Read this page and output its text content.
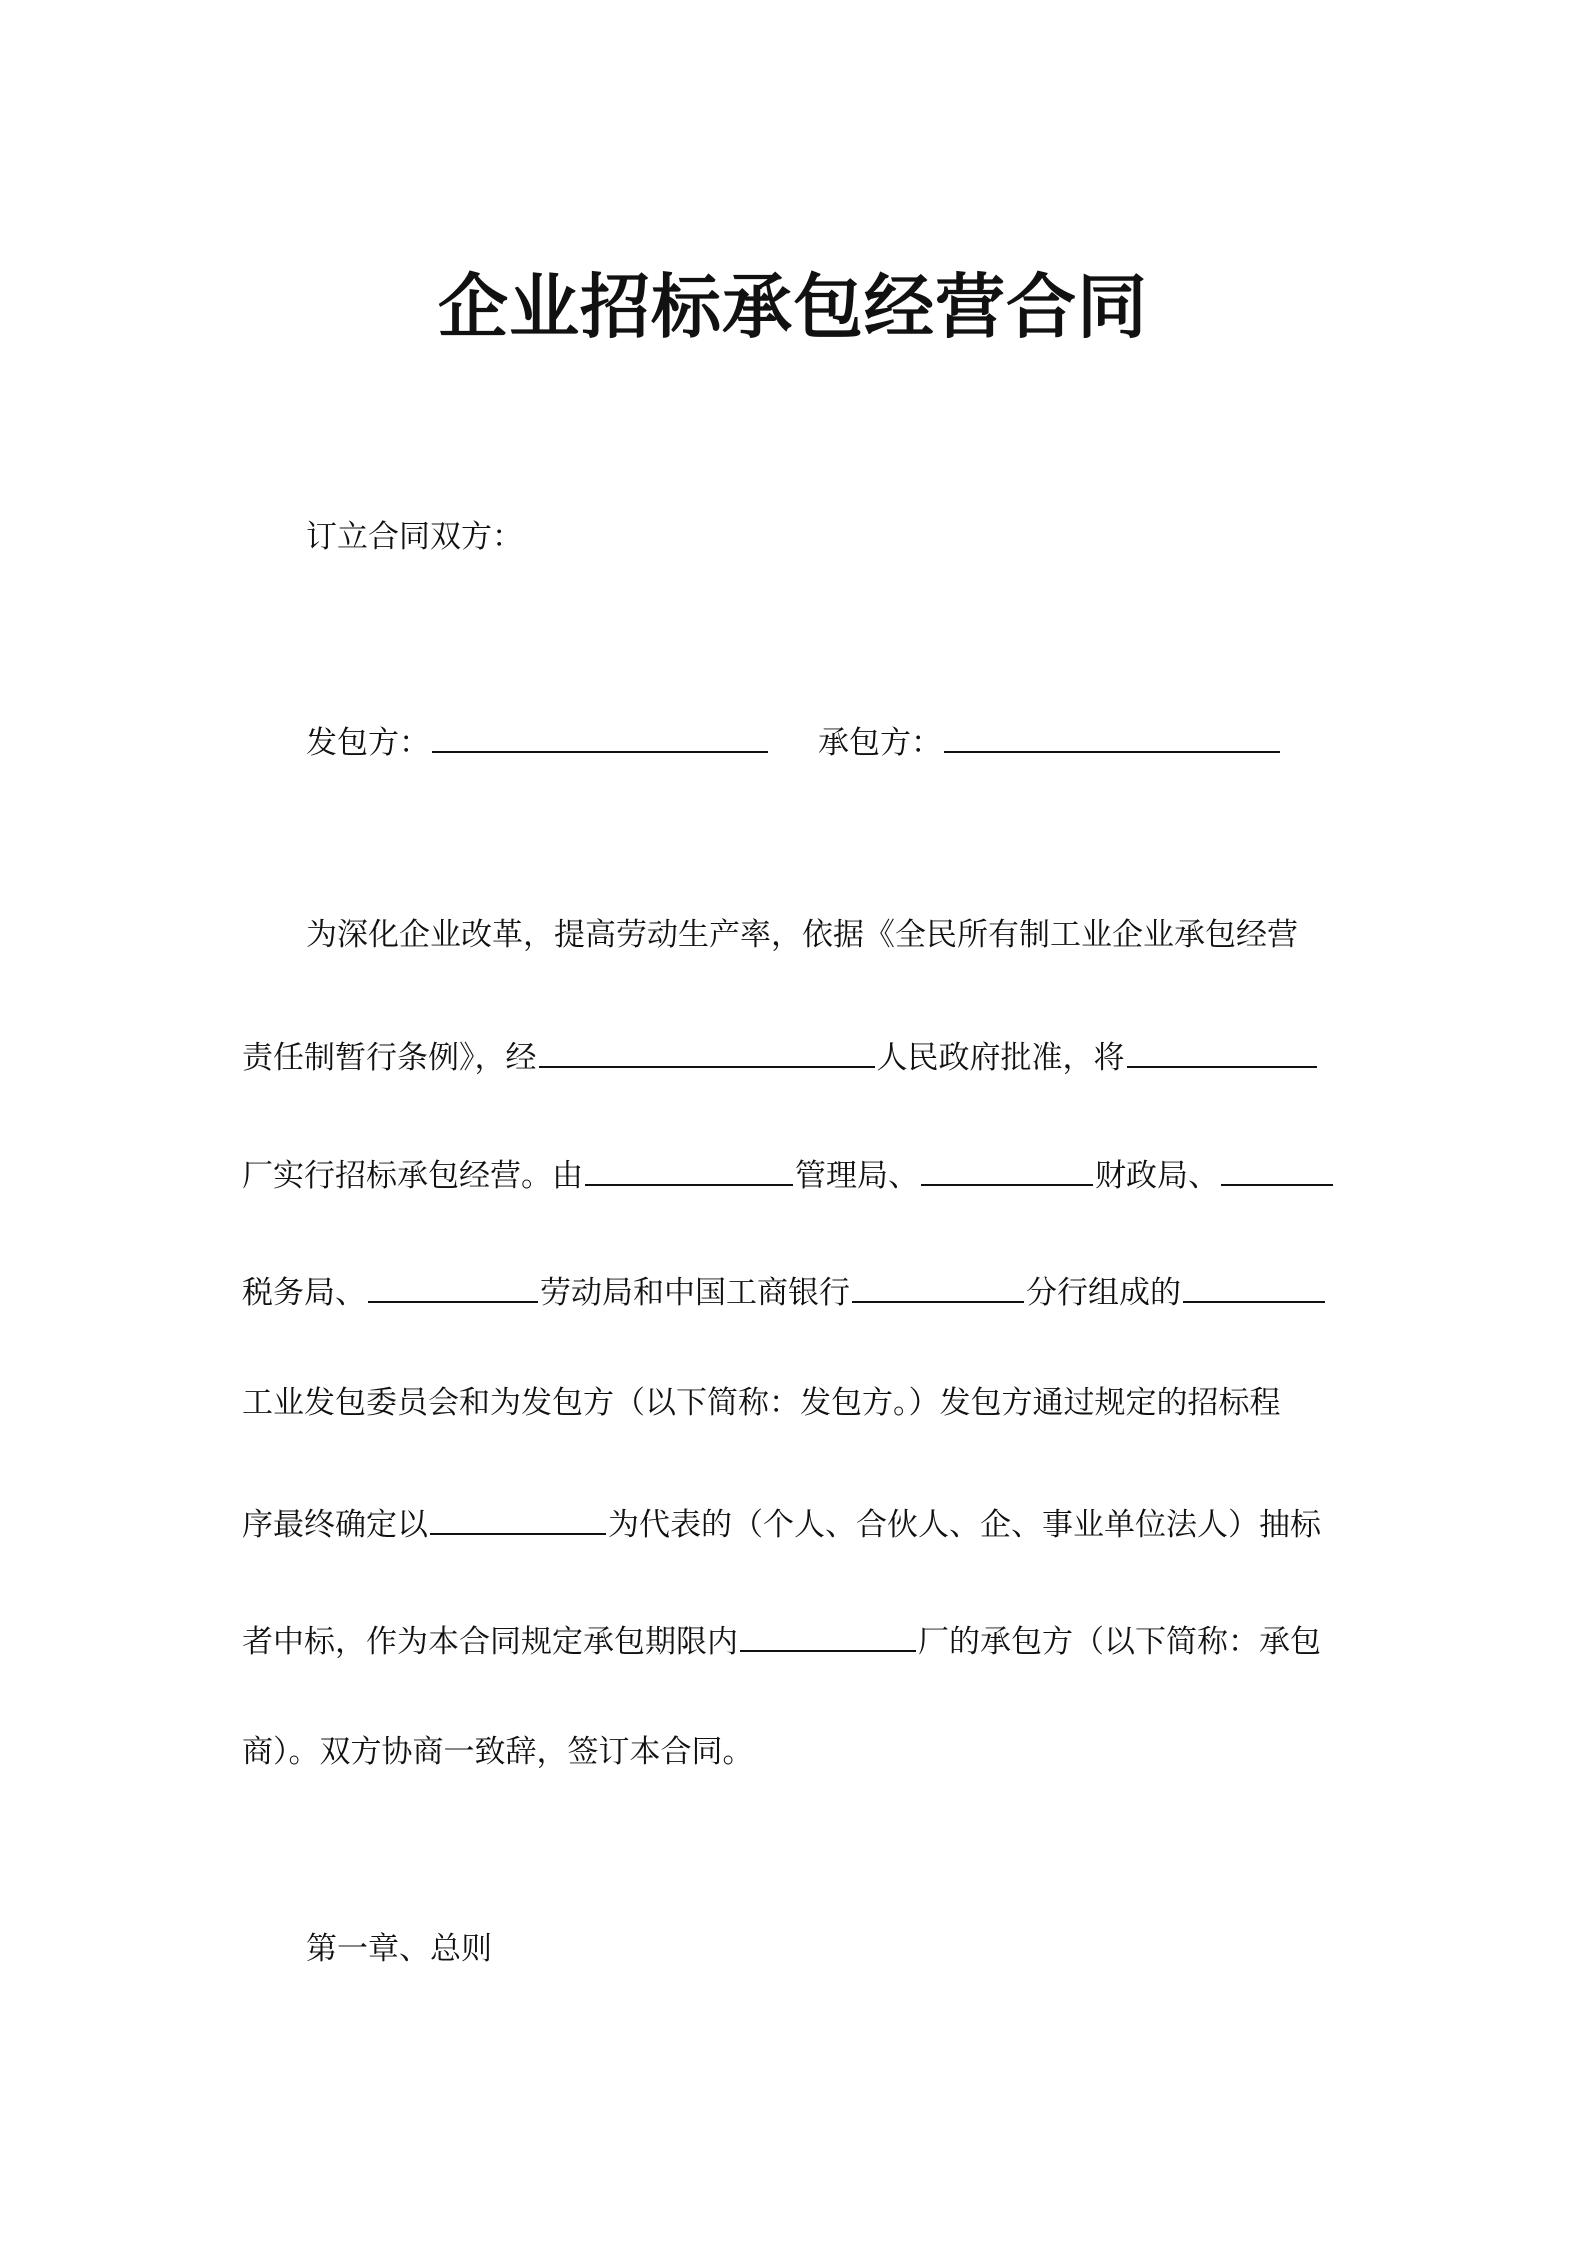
企业招标承包经营合同
订立合同双方：
发包方：	承包方：
为深化企业改革，提高劳动生产率，依据《全民所有制工业企业承包经营
责任制暂行条例》，经	人民政府批准，将
厂实行招标承包经营。由	管理局、	财政局、
税务局、	劳动局和中国工商银行	分行组成的
工业发包委员会和为发包方（以下简称：发包方。）发包方通过规定的招标程
序最终确定以	为代表的（个人、合伙人、企、事业单位法人）抽标
者中标，作为本合同规定承包期限内	厂的承包方（以下简称：承包
商）。双方协商一致辞，签订本合同。
第一章、总则
